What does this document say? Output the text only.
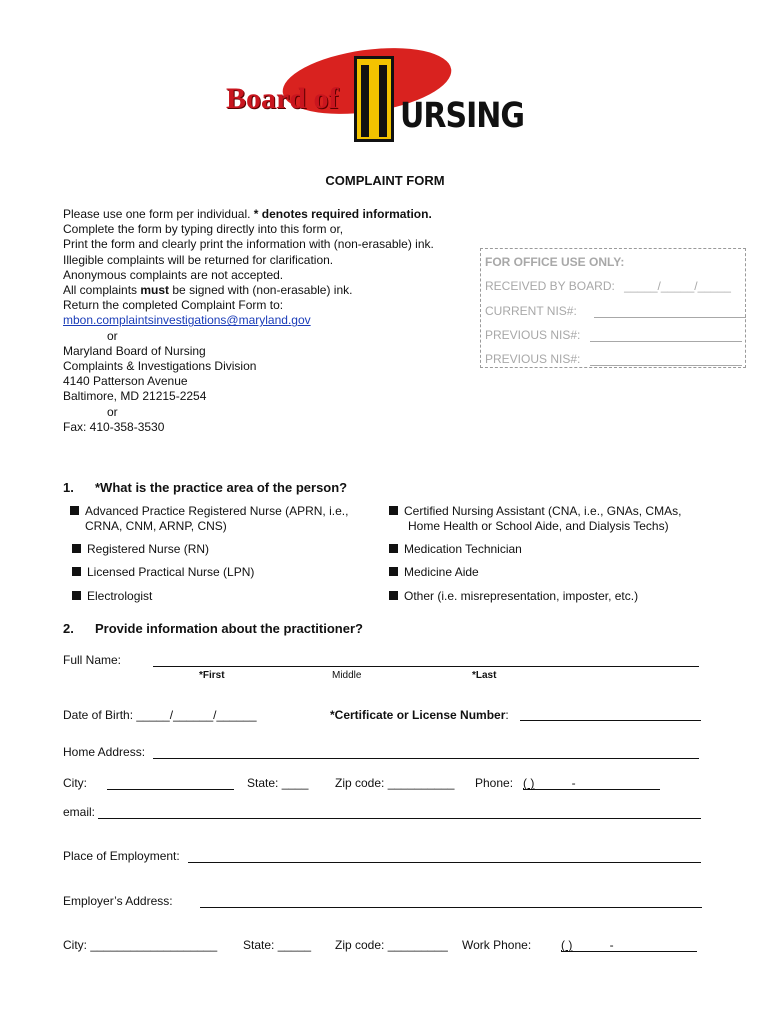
Board of URSING
COMPLAINT FORM
Please use one form per individual. * denotes required information.
Complete the form by typing directly into this form or,
Print the form and clearly print the information with (non-erasable) ink.
Illegible complaints will be returned for clarification.
Anonymous complaints are not accepted.
All complaints must be signed with (non-erasable) ink.
Return the completed Complaint Form to:
mbon.complaintsinvestigations@maryland.gov
or
Maryland Board of Nursing
Complaints & Investigations Division
4140 Patterson Avenue
Baltimore, MD 21215-2254
or
Fax: 410-358-3530
FOR OFFICE USE ONLY:
RECEIVED BY BOARD: _____/_____/_____
CURRENT NIS#:
PREVIOUS NIS#:
PREVIOUS NIS#:
1. *What is the practice area of the person?
Advanced Practice Registered Nurse (APRN, i.e.,
CRNA, CNM, ARNP, CNS)
Certified Nursing Assistant (CNA, i.e., GNAs, CMAs,
Home Health or School Aide, and Dialysis Techs)
Registered Nurse (RN)	Medication Technician
Licensed Practical Nurse (LPN)	Medicine Aide
Electrologist	Other (i.e. misrepresentation, imposter, etc.)
2. Provide information about the practitioner?
Full Name:
*First	Middle	*Last
Date of Birth: _____/______/______	*Certificate or License Number:
Home Address:
City:	State: ____ Zip code: __________ Phone: ( )	-
email:
Place of Employment:
Employer’s Address:
City: ___________________ State: _____ Zip code: _________ Work Phone: ( )	-
